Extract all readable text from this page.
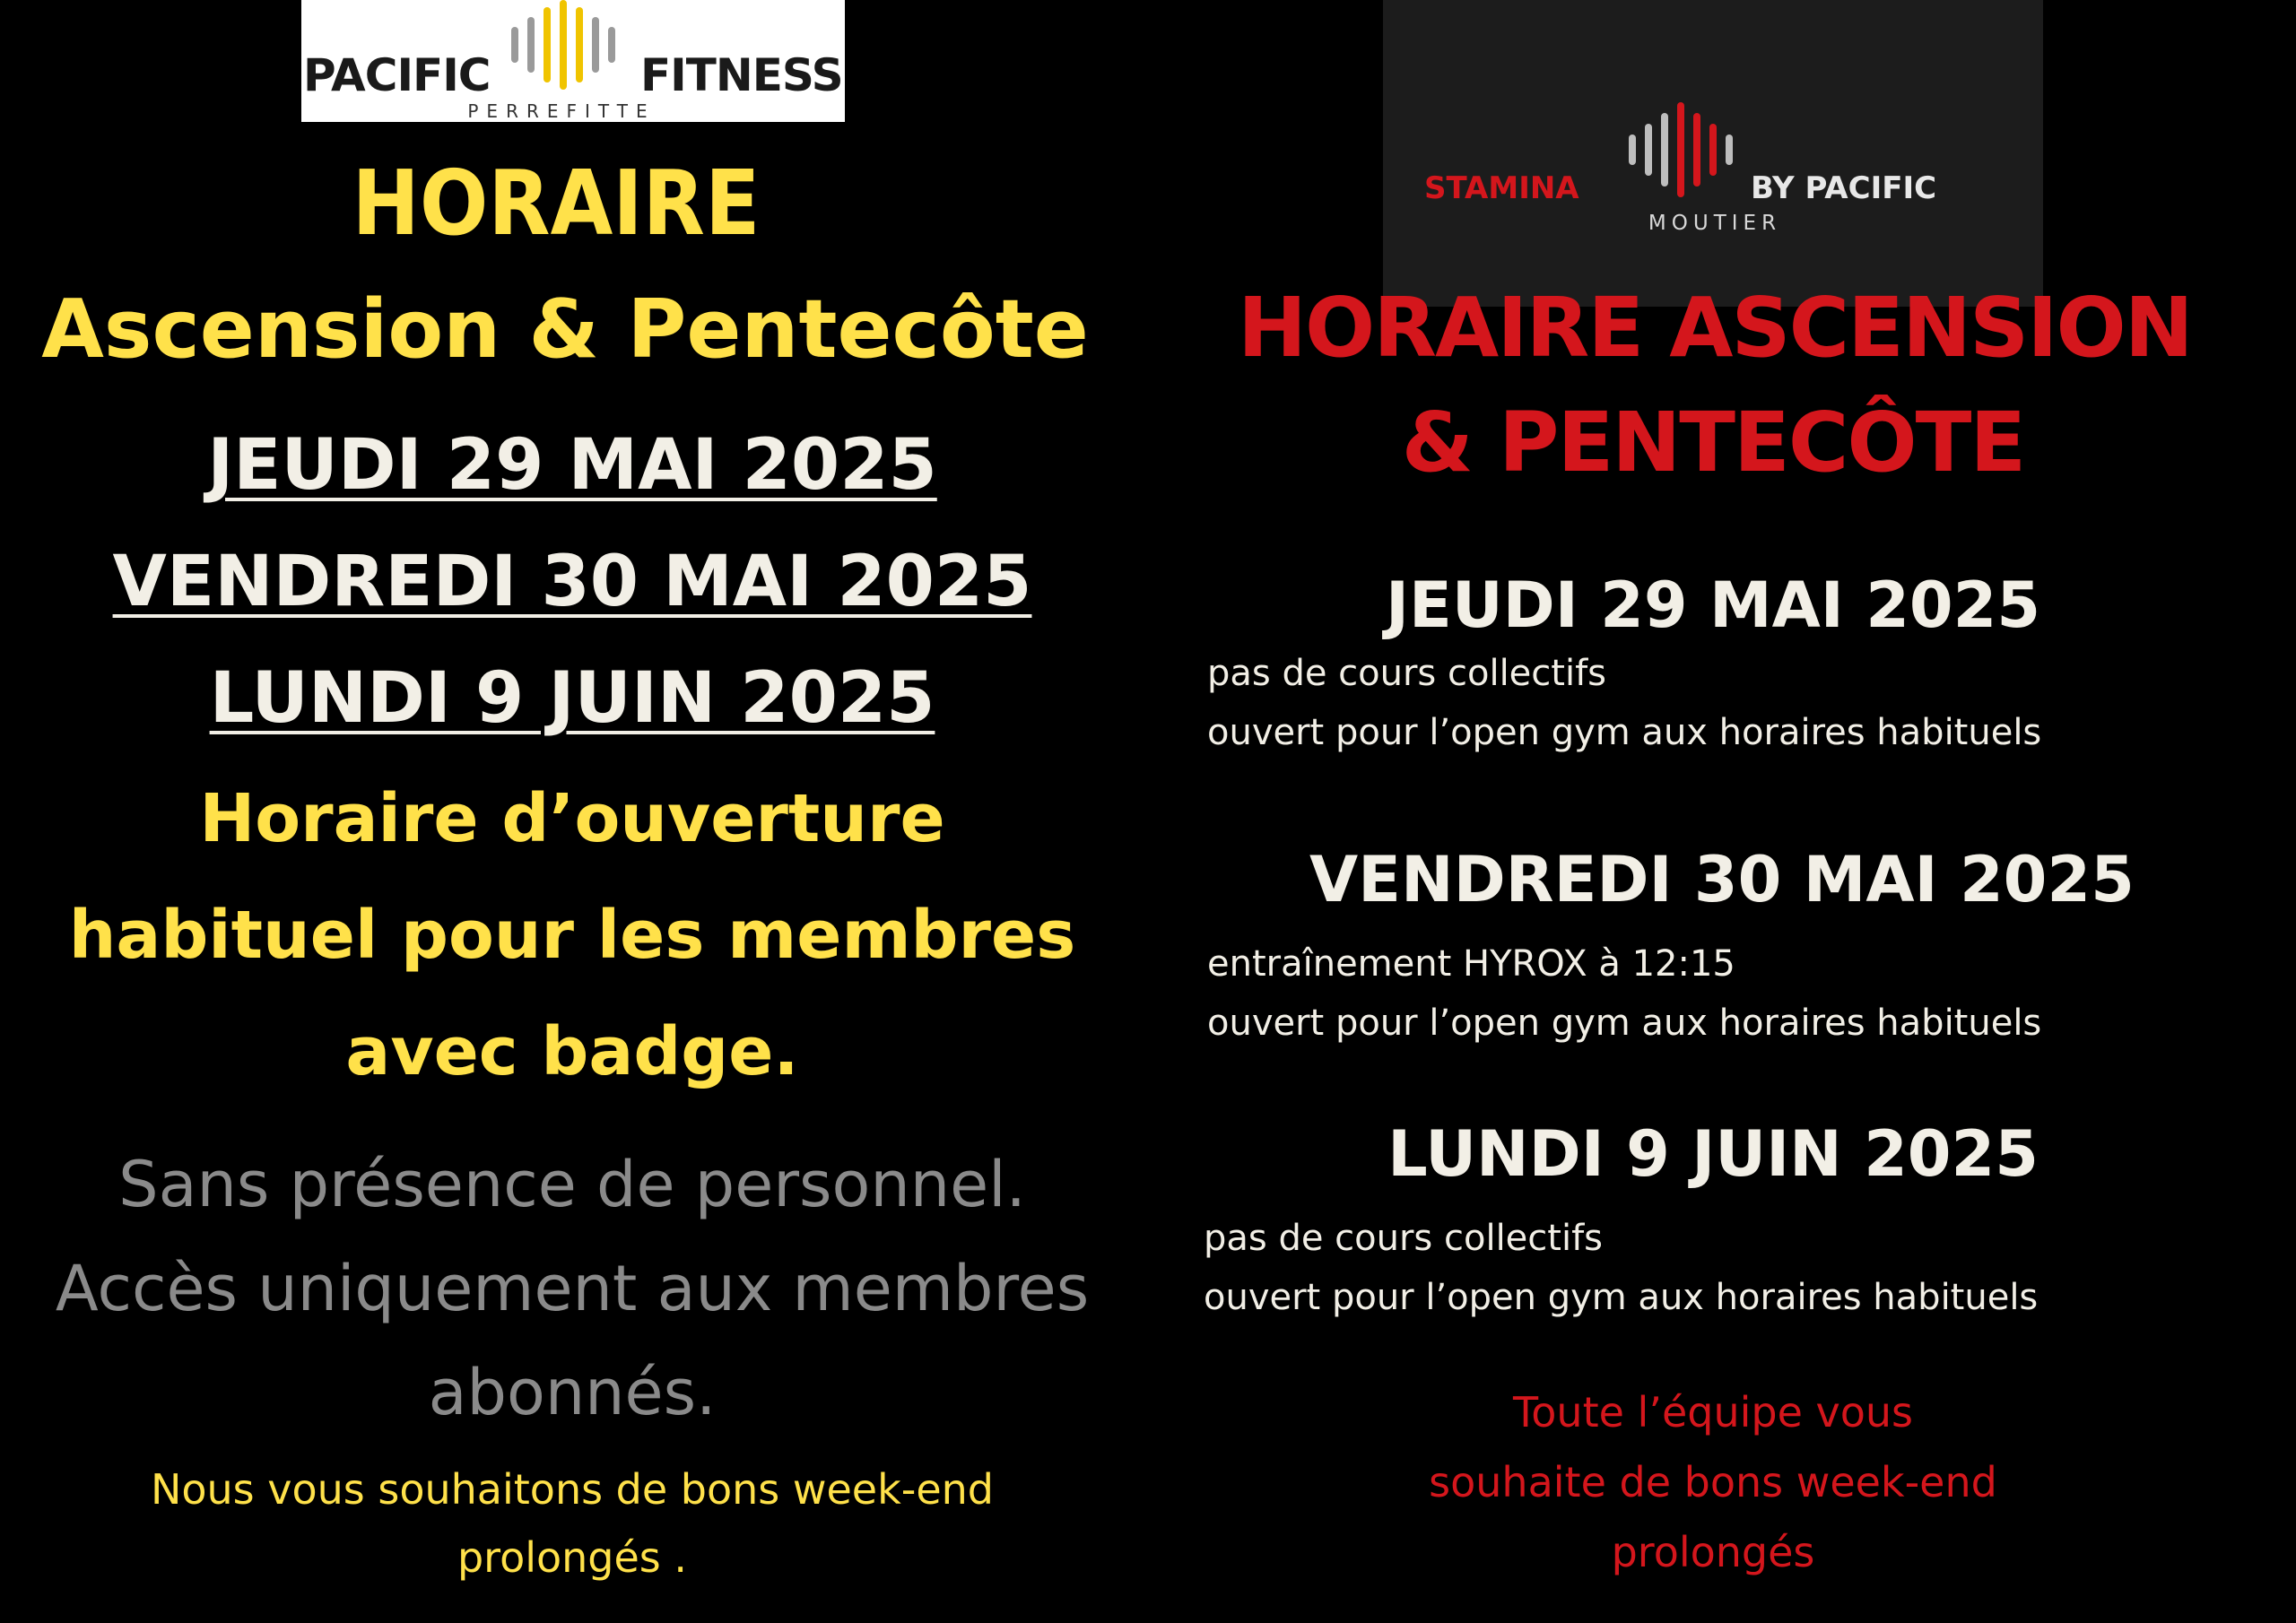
PACIFIC	FITNESS
PERREFITTE
STAMINA	BY PACIFIC
MOUTIER
HORAIRE
Ascension & Pentecôte
JEUDI 29 MAI 2025
VENDREDI 30 MAI 2025
LUNDI 9 JUIN 2025
Horaire d’ouverture
habituel pour les membres
avec badge.
Sans présence de personnel.
Accès uniquement aux membres
abonnés.
Nous vous souhaitons de bons week-end
prolongés .
HORAIRE ASCENSION
& PENTECÔTE
JEUDI 29 MAI 2025
pas de cours collectifs
ouvert pour l’open gym aux horaires habituels
VENDREDI 30 MAI 2025
entraînement HYROX à 12:15
ouvert pour l’open gym aux horaires habituels
LUNDI 9 JUIN 2025
pas de cours collectifs
ouvert pour l’open gym aux horaires habituels
Toute l’équipe vous
souhaite de bons week-end
prolongés
